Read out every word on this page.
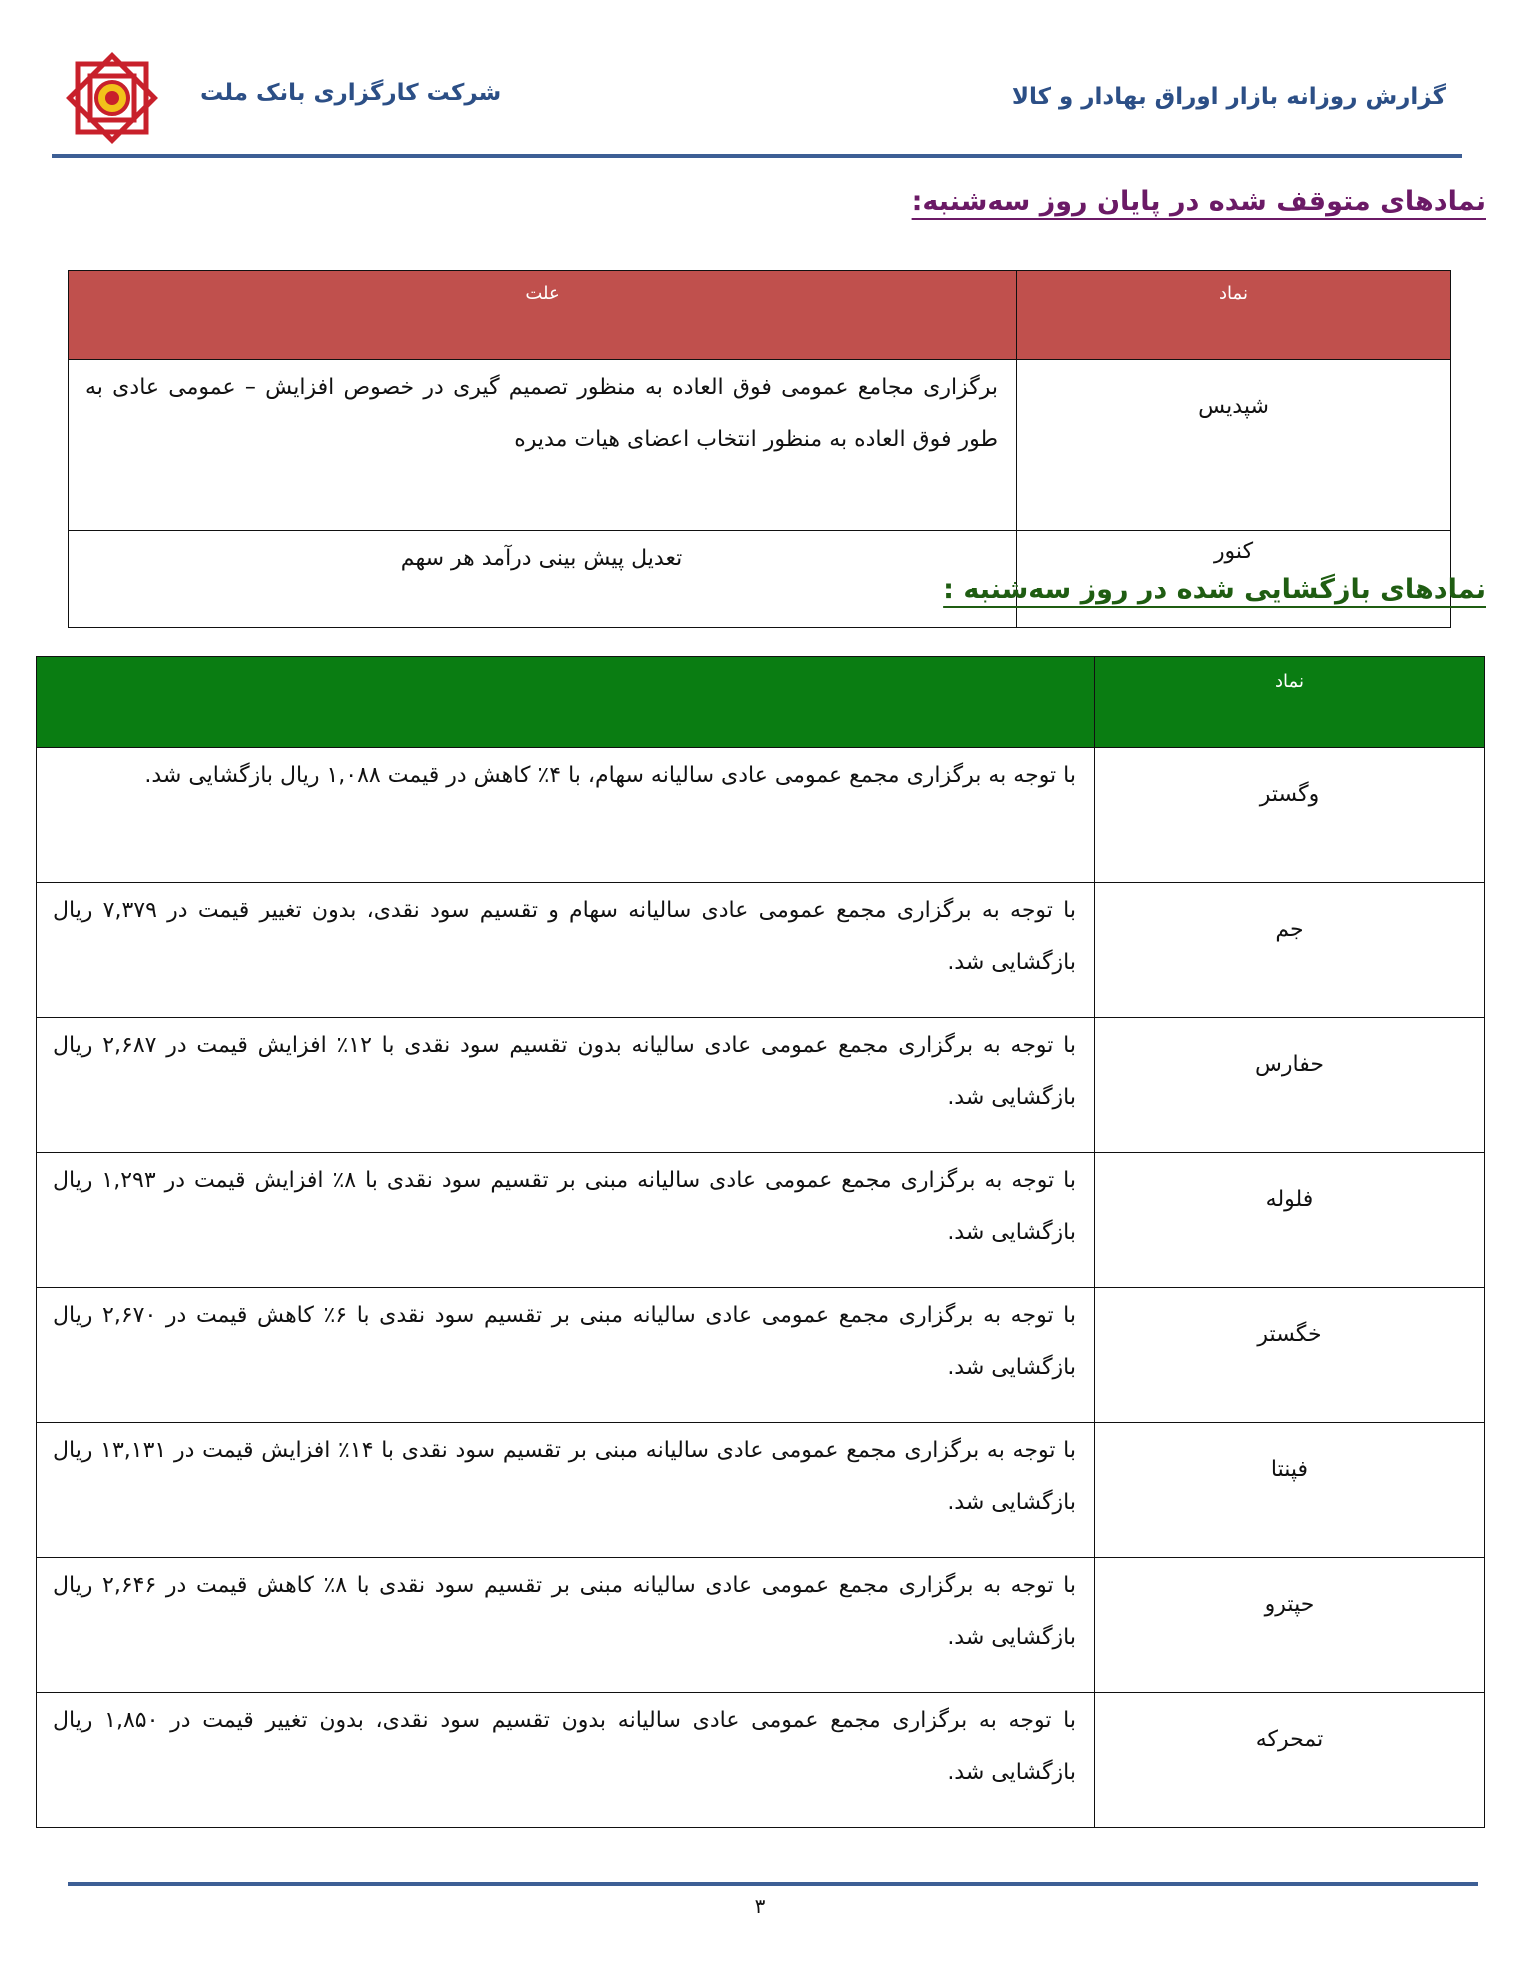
شرکت کارگزاری بانک ملت	گزارش روزانه بازار اوراق بهادار و کالا
نمادهای متوقف شده در پایان روز سه‌شنبه:
نماد	علت
شپدیس	برگزاری مجامع عمومی فوق العاده به منظور تصمیم گیری در خصوص افزایش – عمومی عادی به طور فوق العاده به منظور انتخاب اعضای هیات مدیره
کنور	تعدیل پیش بینی درآمد هر سهم
نمادهای بازگشایی شده در روز سه‌شنبه :
نماد	
وگستر	با توجه به برگزاری مجمع عمومی عادی سالیانه سهام، با ۴٪ کاهش در قیمت ۱,۰۸۸ ریال بازگشایی شد.
جم	با توجه به برگزاری مجمع عمومی عادی سالیانه سهام و تقسیم سود نقدی، بدون تغییر قیمت در ۷,۳۷۹ ریال بازگشایی شد.
حفارس	با توجه به برگزاری مجمع عمومی عادی سالیانه بدون تقسیم سود نقدی با ۱۲٪ افزایش قیمت در ۲,۶۸۷ ریال بازگشایی شد.
فلوله	با توجه به برگزاری مجمع عمومی عادی سالیانه مبنی بر تقسیم سود نقدی با ۸٪ افزایش قیمت در ۱,۲۹۳ ریال بازگشایی شد.
خگستر	با توجه به برگزاری مجمع عمومی عادی سالیانه مبنی بر تقسیم سود نقدی با ۶٪ کاهش قیمت در ۲,۶۷۰ ریال بازگشایی شد.
فپنتا	با توجه به برگزاری مجمع عمومی عادی سالیانه مبنی بر تقسیم سود نقدی با ۱۴٪ افزایش قیمت در ۱۳,۱۳۱ ریال بازگشایی شد.
حپترو	با توجه به برگزاری مجمع عمومی عادی سالیانه مبنی بر تقسیم سود نقدی با ۸٪ کاهش قیمت در ۲,۶۴۶ ریال بازگشایی شد.
تمحرکه	با توجه به برگزاری مجمع عمومی عادی سالیانه بدون تقسیم سود نقدی، بدون تغییر قیمت در ۱,۸۵۰ ریال بازگشایی شد.
۳
